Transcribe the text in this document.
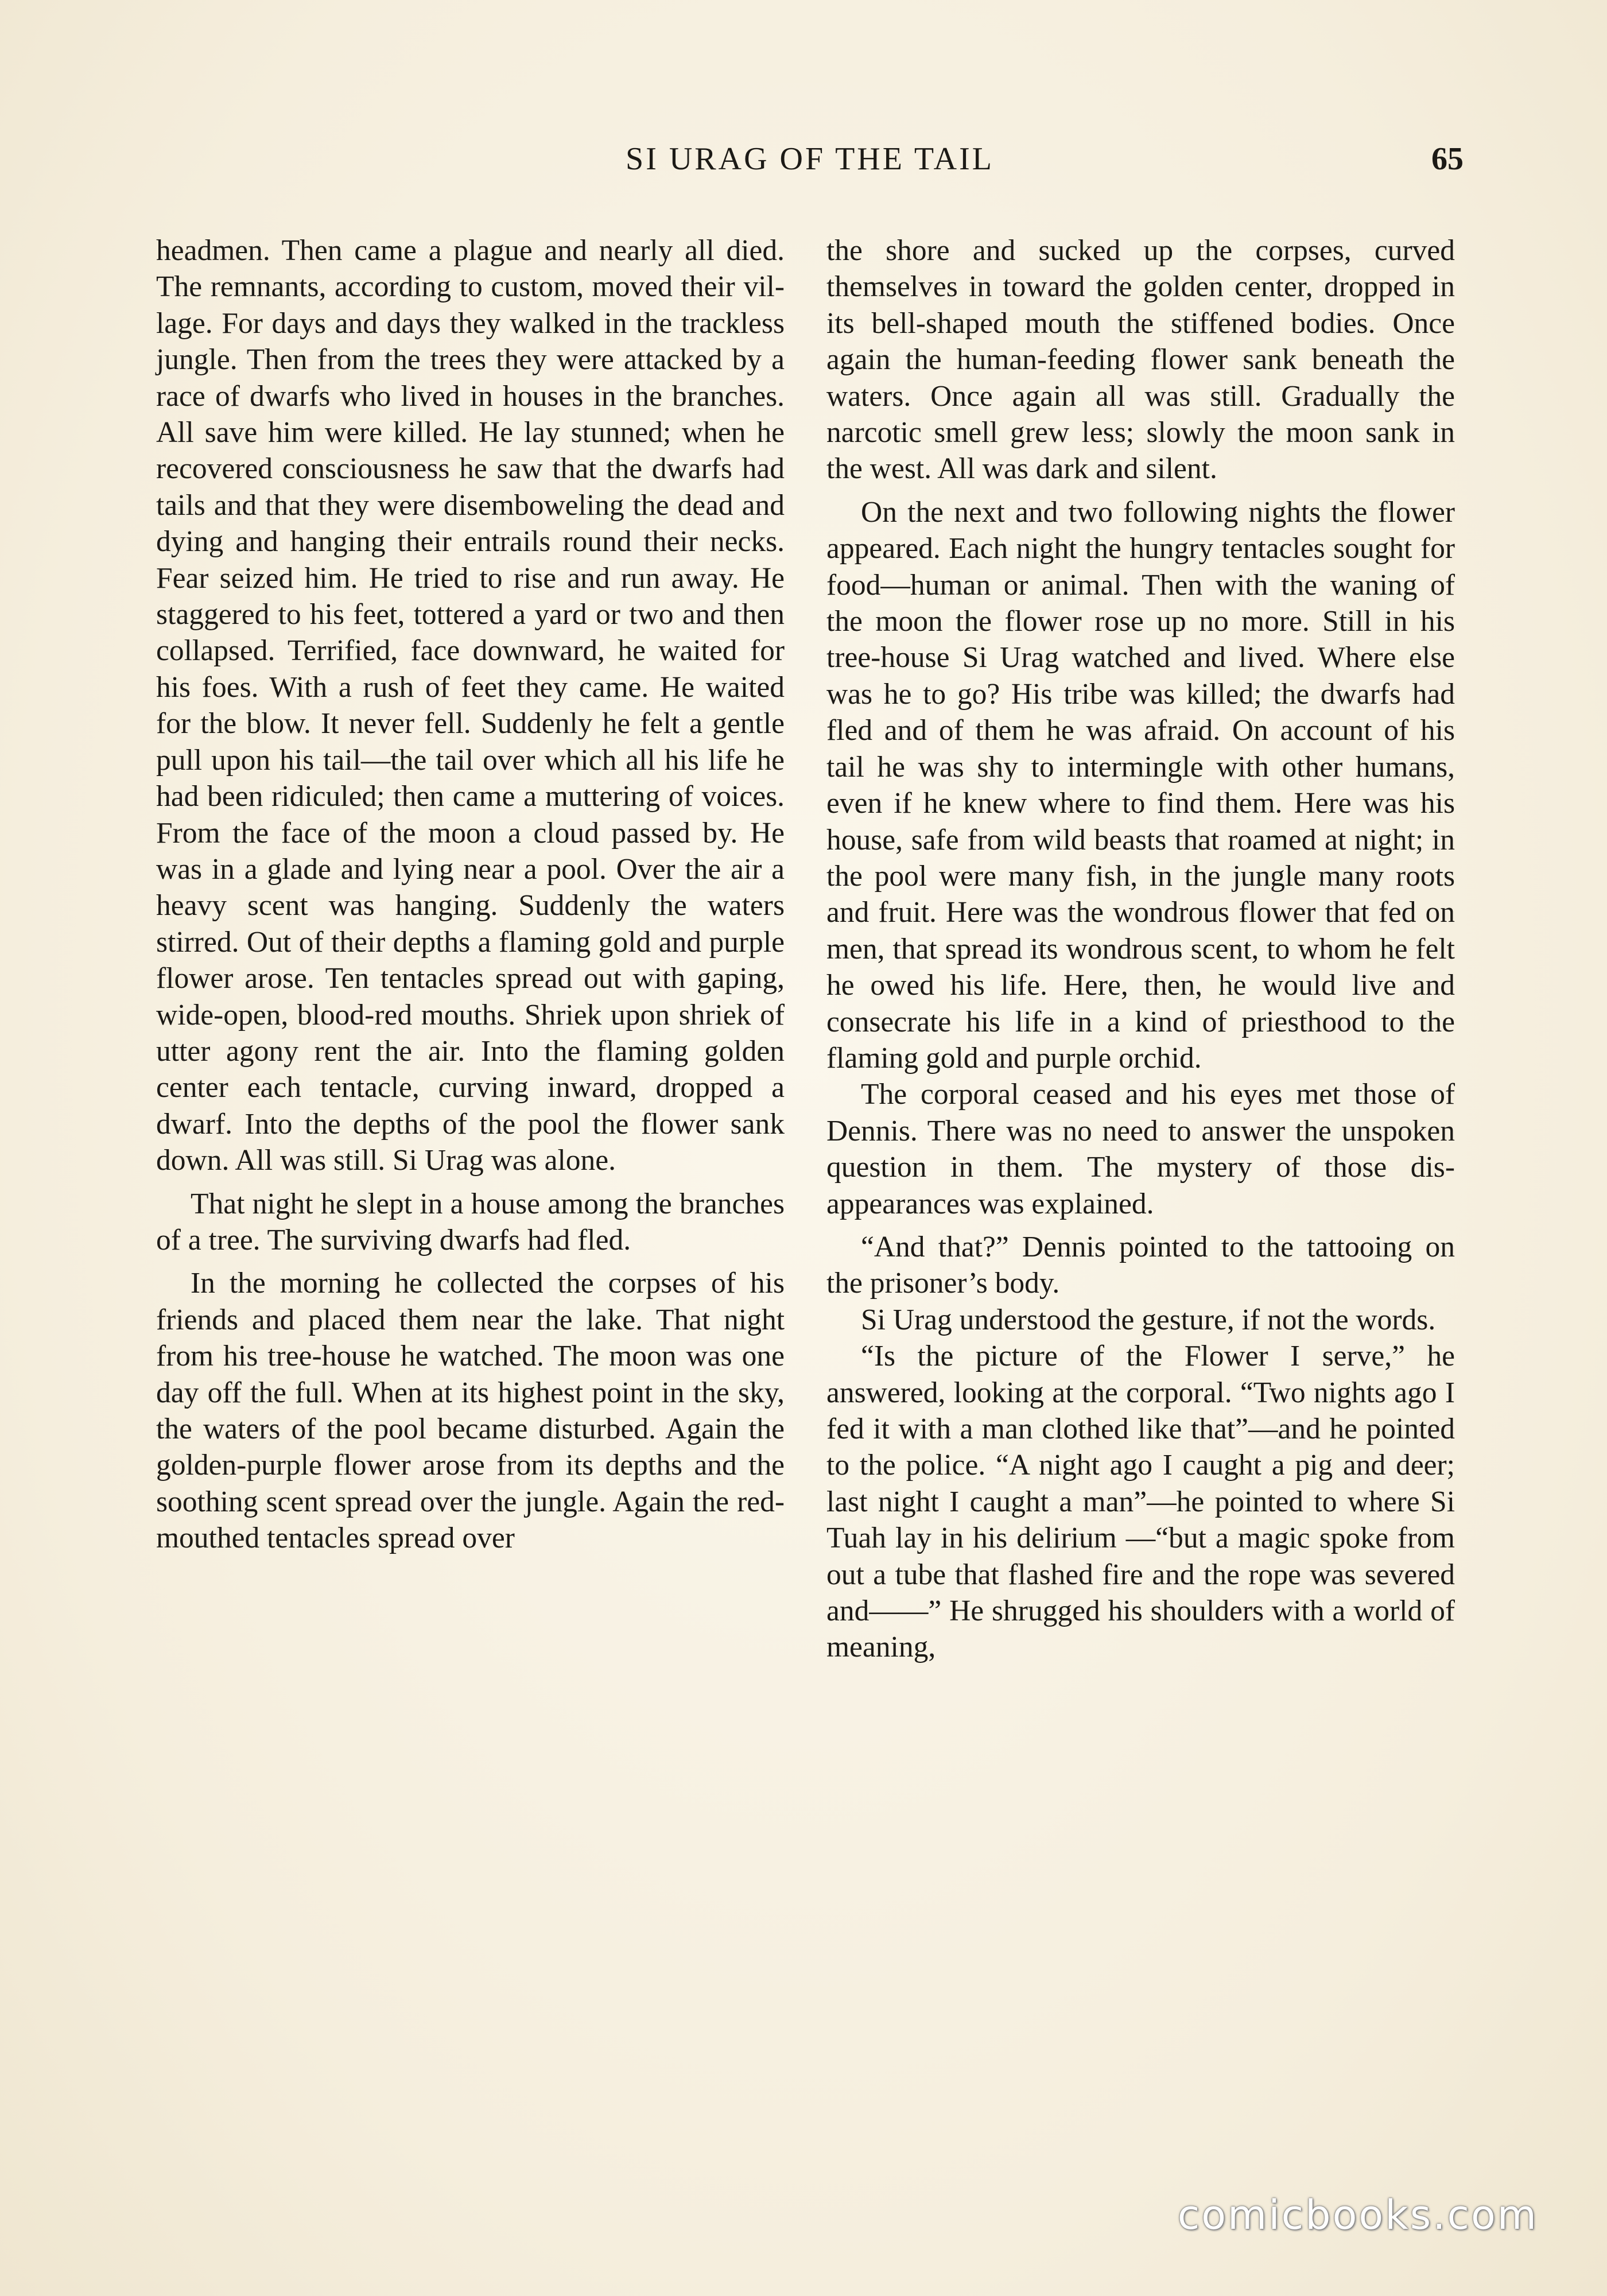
SI URAG OF THE TAIL	65

headmen. Then came a plague and nearly all died. The remnants, according to custom, moved their village. For days and days they walked in the trackless jungle. Then from the trees they were attacked by a race of dwarfs who lived in houses in the branches. All save him were killed. He lay stunned; when he recovered consciousness he saw that the dwarfs had tails and that they were disemboweling the dead and dying and hanging their entrails round their necks. Fear seized him. He tried to rise and run away. He staggered to his feet, tottered a yard or two and then collapsed. Terrified, face downward, he waited for his foes. With a rush of feet they came. He waited for the blow. It never fell. Suddenly he felt a gentle pull upon his tail—the tail over which all his life he had been ridiculed; then came a muttering of voices. From the face of the moon a cloud passed by. He was in a glade and lying near a pool. Over the air a heavy scent was hanging. Suddenly the waters stirred. Out of their depths a flaming gold and purple flower arose. Ten tentacles spread out with gaping, wide-open, blood-red mouths. Shriek upon shriek of utter agony rent the air. Into the flaming golden center each tentacle, curving inward, dropped a dwarf. Into the depths of the pool the flower sank down. All was still. Si Urag was alone.

That night he slept in a house among the branches of a tree. The surviving dwarfs had fled.

In the morning he collected the corpses of his friends and placed them near the lake. That night from his tree-house he watched. The moon was one day off the full. When at its highest point in the sky, the waters of the pool became disturbed. Again the golden-purple flower arose from its depths and the soothing scent spread over the jungle. Again the red-mouthed tentacles spread over

the shore and sucked up the corpses, curved themselves in toward the golden center, dropped in its bell-shaped mouth the stiffened bodies. Once again the human-feeding flower sank beneath the waters. Once again all was still. Gradually the narcotic smell grew less; slowly the moon sank in the west. All was dark and silent.

On the next and two following nights the flower appeared. Each night the hungry tentacles sought for food—human or animal. Then with the waning of the moon the flower rose up no more. Still in his tree-house Si Urag watched and lived. Where else was he to go? His tribe was killed; the dwarfs had fled and of them he was afraid. On account of his tail he was shy to intermingle with other humans, even if he knew where to find them. Here was his house, safe from wild beasts that roamed at night; in the pool were many fish, in the jungle many roots and fruit. Here was the wondrous flower that fed on men, that spread its wondrous scent, to whom he felt he owed his life. Here, then, he would live and consecrate his life in a kind of priesthood to the flaming gold and purple orchid.

The corporal ceased and his eyes met those of Dennis. There was no need to answer the unspoken question in them. The mystery of those disappearances was explained.

“And that?” Dennis pointed to the tattooing on the prisoner’s body.

Si Urag understood the gesture, if not the words.

“Is the picture of the Flower I serve,” he answered, looking at the corporal. “Two nights ago I fed it with a man clothed like that”—and he pointed to the police. “A night ago I caught a pig and deer; last night I caught a man”—he pointed to where Si Tuah lay in his delirium —“but a magic spoke from out a tube that flashed fire and the rope was severed and——” He shrugged his shoulders with a world of meaning,

comicbooks.com
